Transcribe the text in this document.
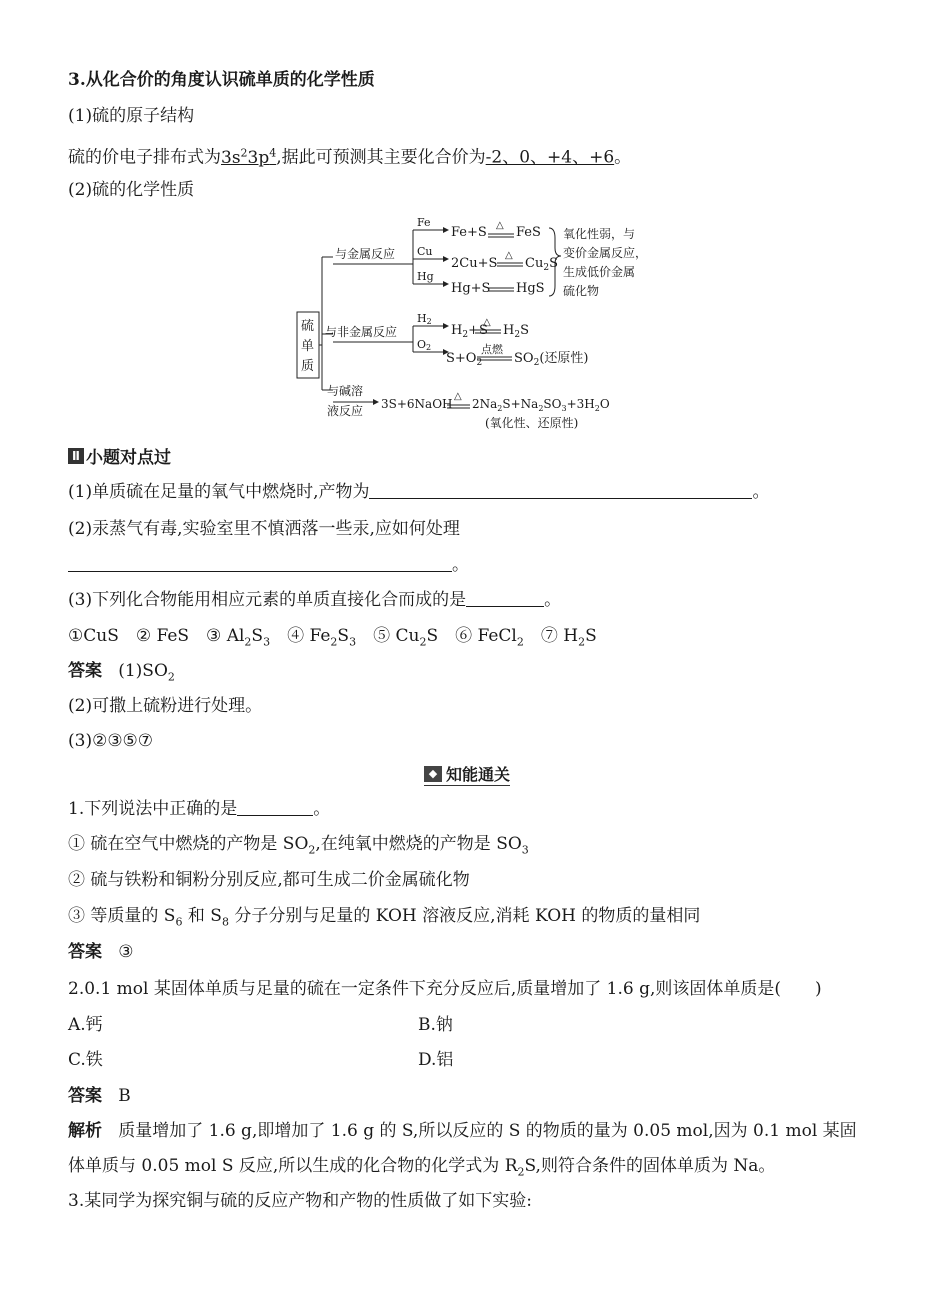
3.从化合价的角度认识硫单质的化学性质
(1)硫的原子结构
硫的价电子排布式为$3s^23p^4$,据此可预测其主要化合价为-2、0、+4、+6。
(2)硫的化学性质
硫
单
质
与金属反应
与非金属反应
与碱溶
液反应
Fe
Cu
Hg
H2
O2
Fe+S △ FeS
2Cu+S
△
$Cu_2S$
Hg+S HgS
$H_2+S$
△
$H_2S$
$S+O_2$
点燃
$SO_2$(还原性)
氧化性弱，与
变价金属反应，
生成低价金属
硫化物
3S+6NaOH
△
$2Na_2S+Na_2SO_3+3H_2O$
(氧化性、还原性)
Ⅱ 小题对点过
(1)单质硫在足量的氧气中燃烧时,产物为	。
(2)汞蒸气有毒,实验室里不慎洒落一些汞,应如何处理
。
(3)下列化合物能用相应元素的单质直接化合而成的是	。
①CuS　② FeS　③ $Al_2S_3$　④ $Fe_2S_3$　⑤ $Cu_2S$　⑥ FeCl$_2$　⑦ $H_2S$
答案 $(1)SO_2$
(2)可撒上硫粉进行处理。
(3)②③⑤⑦
◆ 知能通关
1.下列说法中正确的是	。
① 硫在空气中燃烧的产物是 $SO_2$,在纯氧中燃烧的产物是 $SO_3$
② 硫与铁粉和铜粉分别反应,都可生成二价金属硫化物
③ 等质量的 $S_6$ 和 $S_8$ 分子分别与足量的 KOH 溶液反应,消耗 KOH 的物质的量相同
答案 ③
2.0.1 mol 某固体单质与足量的硫在一定条件下充分反应后,质量增加了 1.6 g,则该固体单质是(　　)
A.钙	B.钠
C.铁	D.铝
答案 B
解析 质量增加了 1.6 g,即增加了 1.6 g 的 S,所以反应的 S 的物质的量为 0.05 mol,因为 0.1 mol 某固
体单质与 0.05 mol S 反应,所以生成的化合物的化学式为 $R_2S$,则符合条件的固体单质为 Na。
3.某同学为探究铜与硫的反应产物和产物的性质做了如下实验:
